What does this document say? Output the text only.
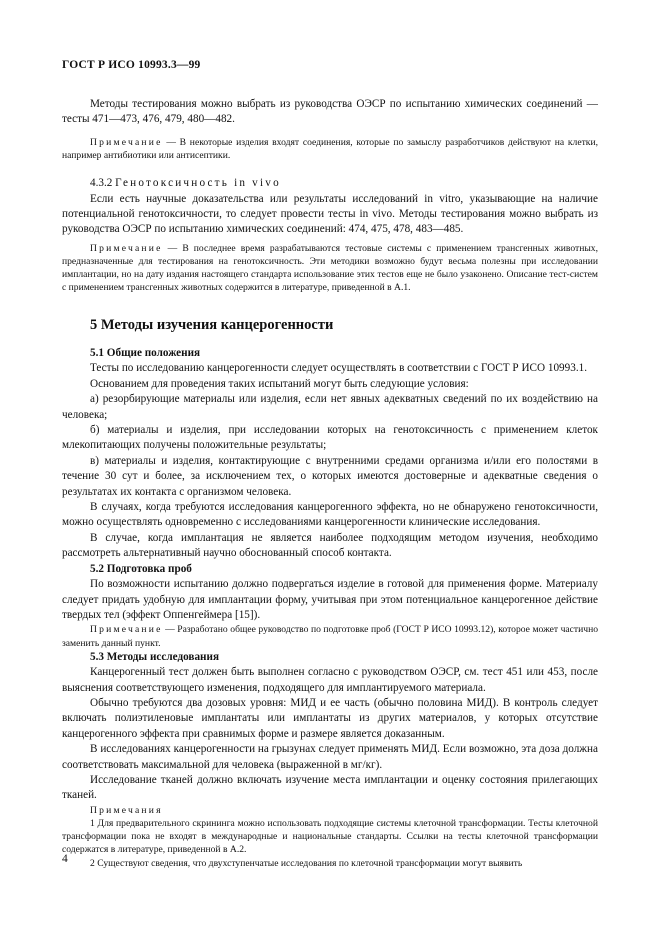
ГОСТ Р ИСО 10993.3—99

Методы тестирования можно выбрать из руководства ОЭСР по испытанию химических соединений — тесты 471—473, 476, 479, 480—482.

Примечание — В некоторые изделия входят соединения, которые по замыслу разработчиков действуют на клетки, например антибиотики или антисептики.

4.3.2 Генотоксичность in vivo

Если есть научные доказательства или результаты исследований in vitro, указывающие на наличие потенциальной генотоксичности, то следует провести тесты in vivo. Методы тестирования можно выбрать из руководства ОЭСР по испытанию химических соединений: 474, 475, 478, 483—485.

Примечание — В последнее время разрабатываются тестовые системы с применением трансгенных животных, предназначенные для тестирования на генотоксичность. Эти методики возможно будут весьма полезны при исследовании имплантации, но на дату издания настоящего стандарта использование этих тестов еще не было узаконено. Описание тест-систем с применением трансгенных животных содержится в литературе, приведенной в А.1.

5 Методы изучения канцерогенности

5.1 Общие положения

Тесты по исследованию канцерогенности следует осуществлять в соответствии с ГОСТ Р ИСО 10993.1.

Основанием для проведения таких испытаний могут быть следующие условия:

а) резорбирующие материалы или изделия, если нет явных адекватных сведений по их воздействию на человека;

б) материалы и изделия, при исследовании которых на генотоксичность с применением клеток млекопитающих получены положительные результаты;

в) материалы и изделия, контактирующие с внутренними средами организма и/или его полостями в течение 30 сут и более, за исключением тех, о которых имеются достоверные и адекватные сведения о результатах их контакта с организмом человека.

В случаях, когда требуются исследования канцерогенного эффекта, но не обнаружено генотоксичности, можно осуществлять одновременно с исследованиями канцерогенности клинические исследования.

В случае, когда имплантация не является наиболее подходящим методом изучения, необходимо рассмотреть альтернативный научно обоснованный способ контакта.

5.2 Подготовка проб

По возможности испытанию должно подвергаться изделие в готовой для применения форме. Материалу следует придать удобную для имплантации форму, учитывая при этом потенциальное канцерогенное действие твердых тел (эффект Оппенгеймера [15]).

Примечание — Разработано общее руководство по подготовке проб (ГОСТ Р ИСО 10993.12), которое может частично заменить данный пункт.

5.3 Методы исследования

Канцерогенный тест должен быть выполнен согласно с руководством ОЭСР, см. тест 451 или 453, после выяснения соответствующего изменения, подходящего для имплантируемого материала.

Обычно требуются два дозовых уровня: МИД и ее часть (обычно половина МИД). В контроль следует включать полиэтиленовые имплантаты или имплантаты из других материалов, у которых отсутствие канцерогенного эффекта при сравнимых форме и размере является доказанным.

В исследованиях канцерогенности на грызунах следует применять МИД. Если возможно, эта доза должна соответствовать максимальной для человека (выраженной в мг/кг).

Исследование тканей должно включать изучение места имплантации и оценку состояния прилегающих тканей.

Примечания

1 Для предварительного скрининга можно использовать подходящие системы клеточной трансформации. Тесты клеточной трансформации пока не входят в международные и национальные стандарты. Ссылки на тесты клеточной трансформации содержатся в литературе, приведенной в А.2.

2 Существуют сведения, что двухступенчатые исследования по клеточной трансформации могут выявить

4
